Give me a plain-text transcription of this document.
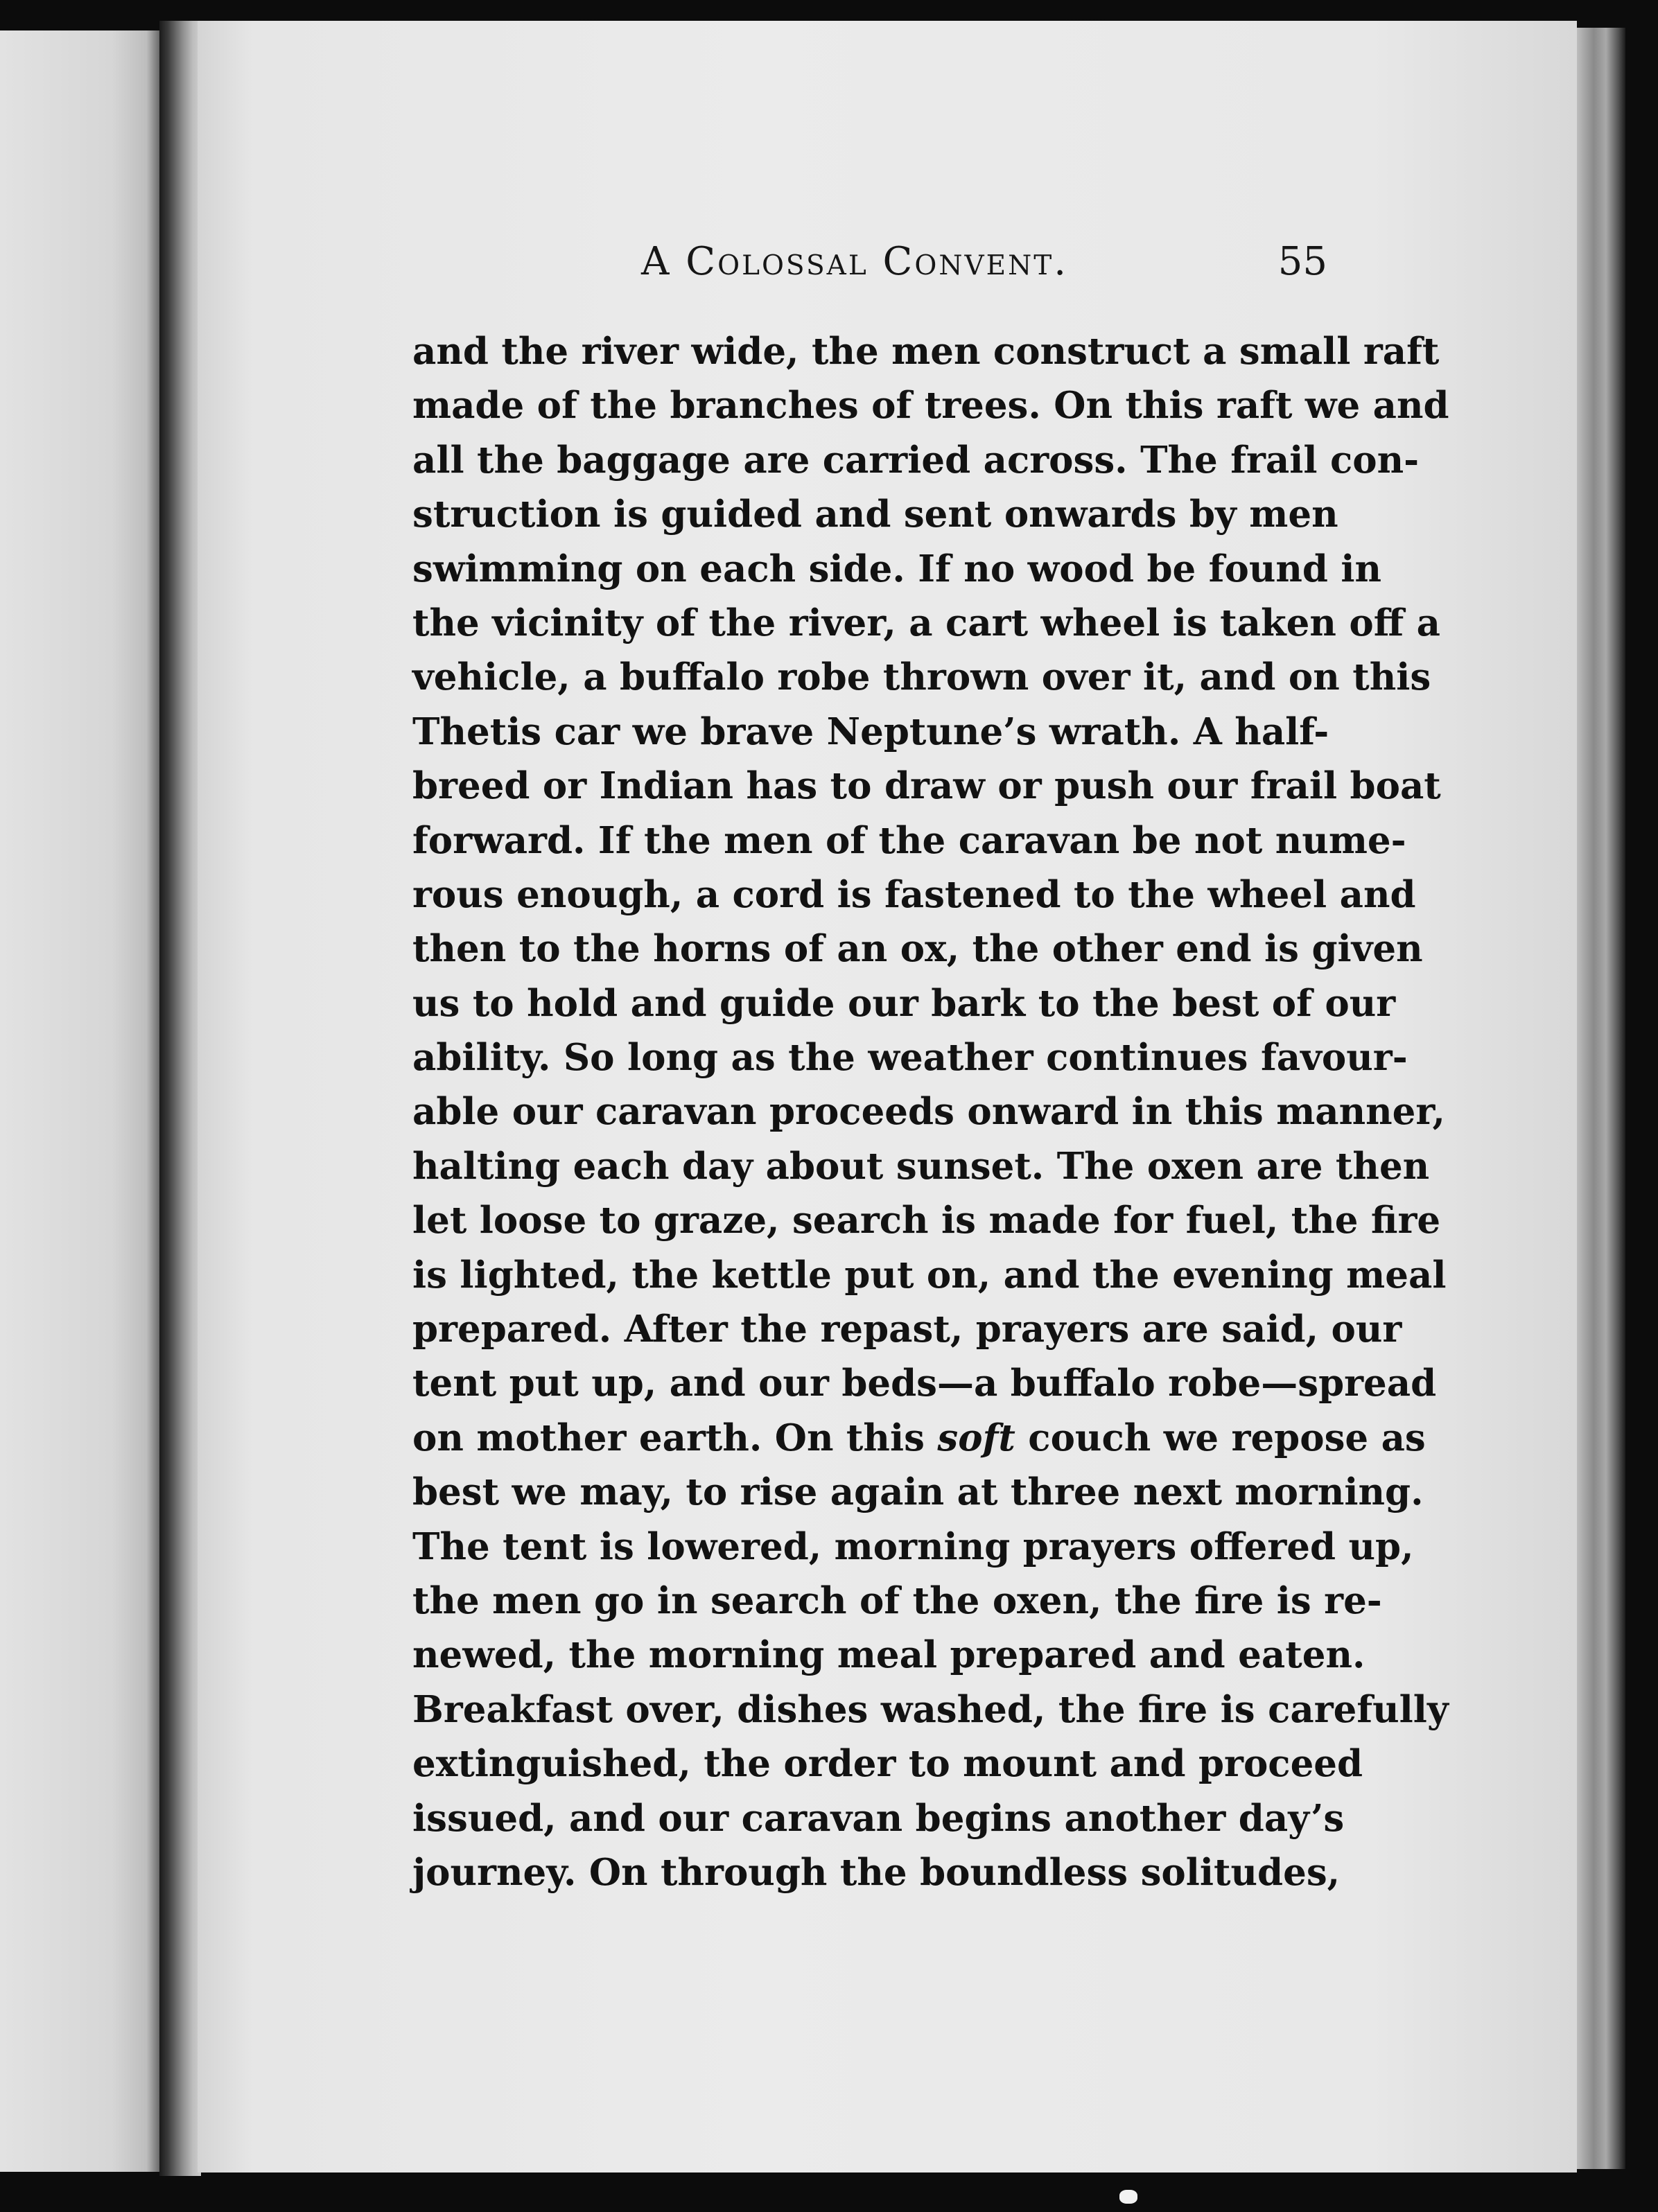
A Colossal Convent.	55
and the river wide, the men construct a small raft
made of the branches of trees. On this raft we and
all the baggage are carried across. The frail con-
struction is guided and sent onwards by men
swimming on each side. If no wood be found in
the vicinity of the river, a cart wheel is taken off a
vehicle, a buffalo robe thrown over it, and on this
Thetis car we brave Neptune’s wrath. A half-
breed or Indian has to draw or push our frail boat
forward. If the men of the caravan be not nume-
rous enough, a cord is fastened to the wheel and
then to the horns of an ox, the other end is given
us to hold and guide our bark to the best of our
ability. So long as the weather continues favour-
able our caravan proceeds onward in this manner,
halting each day about sunset. The oxen are then
let loose to graze, search is made for fuel, the fire
is lighted, the kettle put on, and the evening meal
prepared. After the repast, prayers are said, our
tent put up, and our beds—a buffalo robe—spread
on mother earth. On this soft couch we repose as
best we may, to rise again at three next morning.
The tent is lowered, morning prayers offered up,
the men go in search of the oxen, the fire is re-
newed, the morning meal prepared and eaten.
Breakfast over, dishes washed, the fire is carefully
extinguished, the order to mount and proceed
issued, and our caravan begins another day’s
journey. On through the boundless solitudes,
